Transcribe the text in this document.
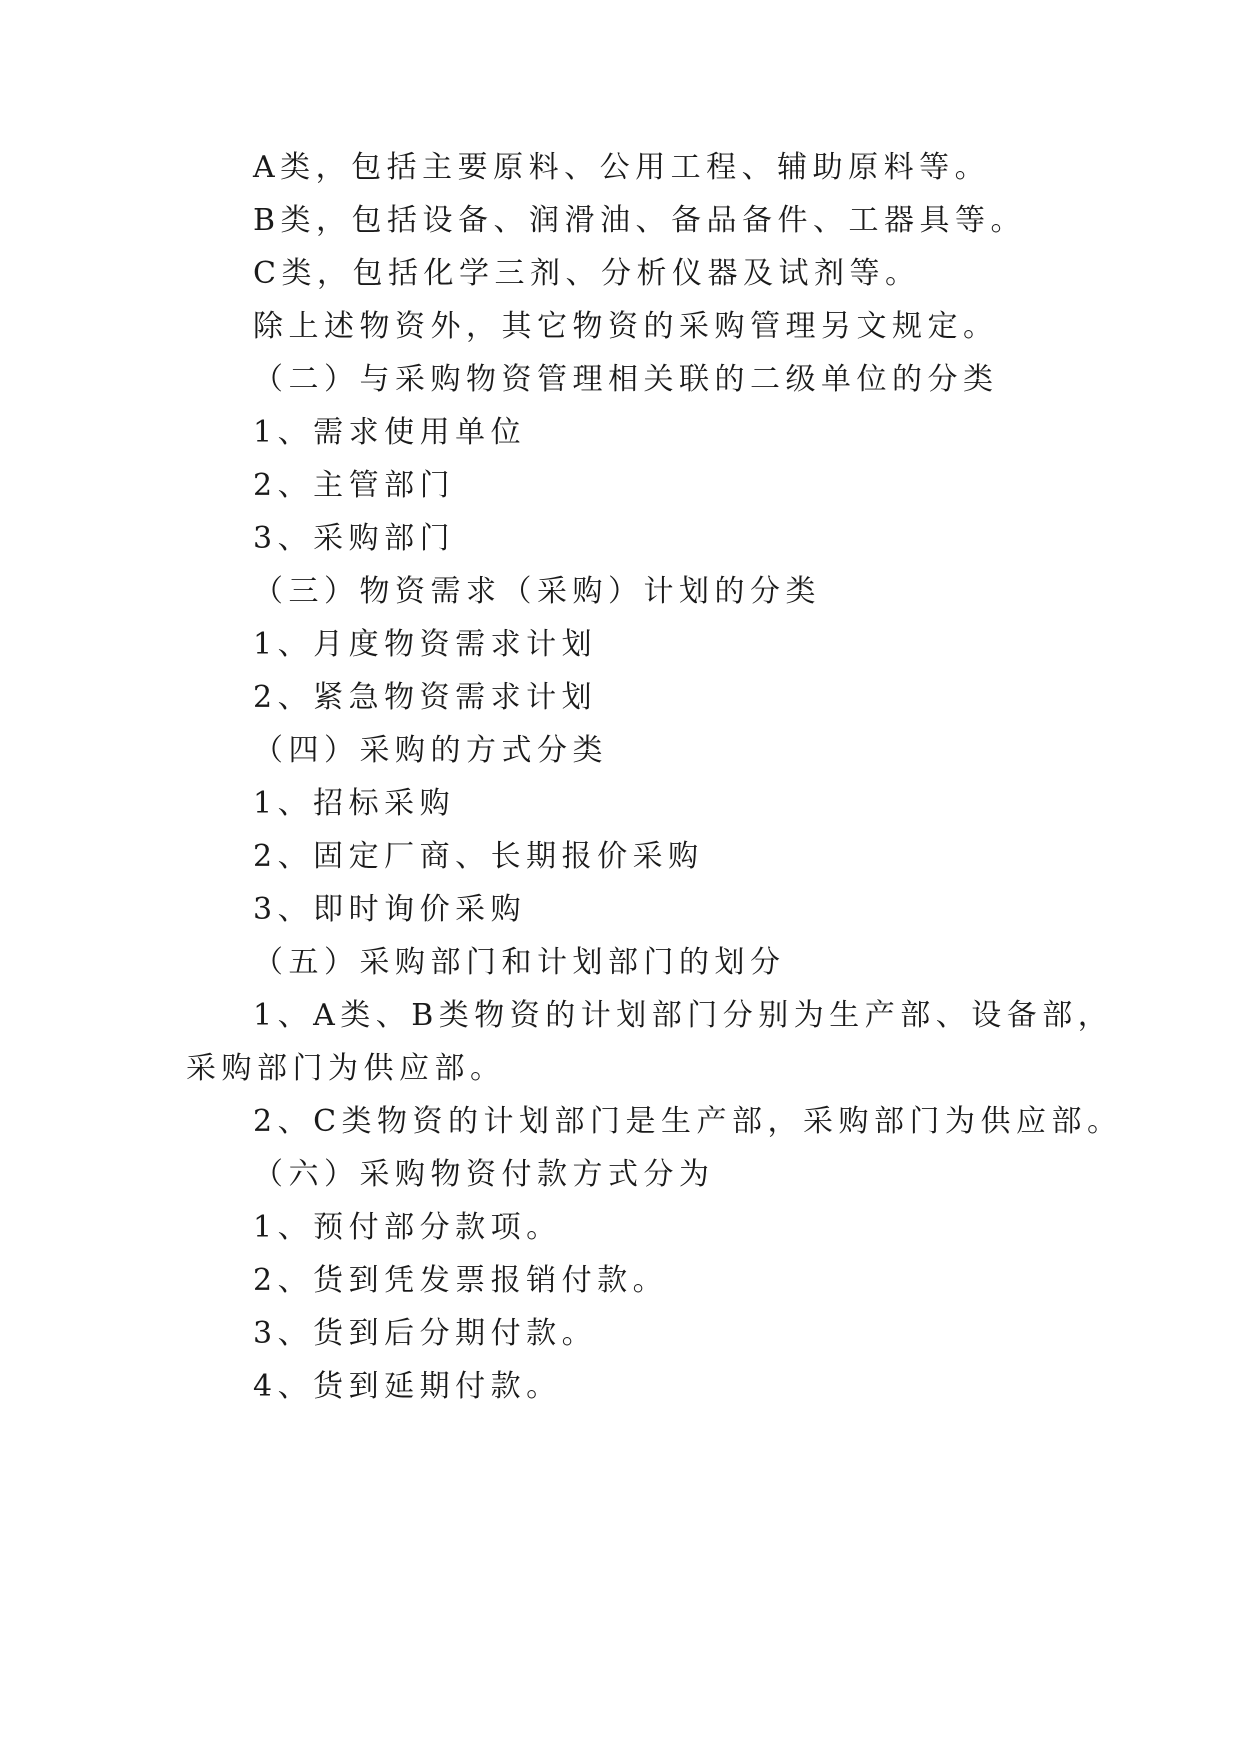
A类，包括主要原料、公用工程、辅助原料等。
B类，包括设备、润滑油、备品备件、工器具等。
C类，包括化学三剂、分析仪器及试剂等。
除上述物资外，其它物资的采购管理另文规定。
（二）与采购物资管理相关联的二级单位的分类
1、需求使用单位
2、主管部门
3、采购部门
（三）物资需求（采购）计划的分类
1、月度物资需求计划
2、紧急物资需求计划
（四）采购的方式分类
1、招标采购
2、固定厂商、长期报价采购
3、即时询价采购
（五）采购部门和计划部门的划分
1、A类、B类物资的计划部门分别为生产部、设备部，
采购部门为供应部。
2、C类物资的计划部门是生产部，采购部门为供应部。
（六）采购物资付款方式分为
1、预付部分款项。
2、货到凭发票报销付款。
3、货到后分期付款。
4、货到延期付款。
